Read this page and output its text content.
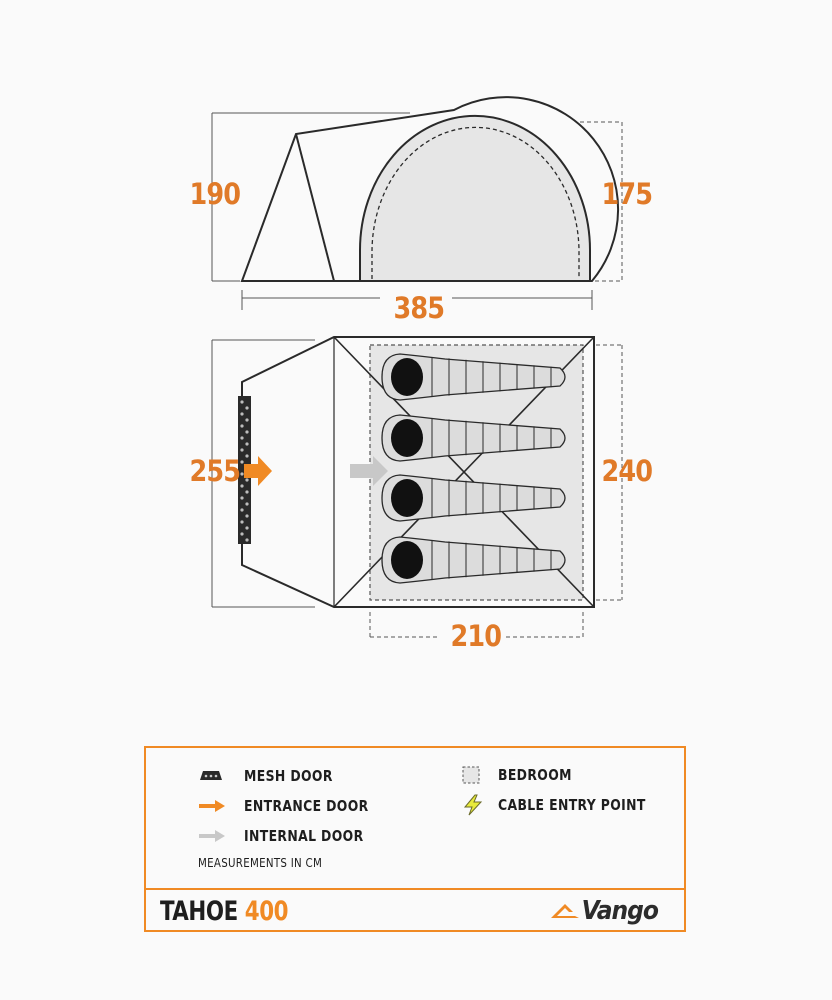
190	175
385
255	240
210
MESH DOOR
ENTRANCE DOOR
INTERNAL DOOR
BEDROOM
CABLE ENTRY POINT
MEASUREMENTS IN CM
TAHOE 400	Vango
